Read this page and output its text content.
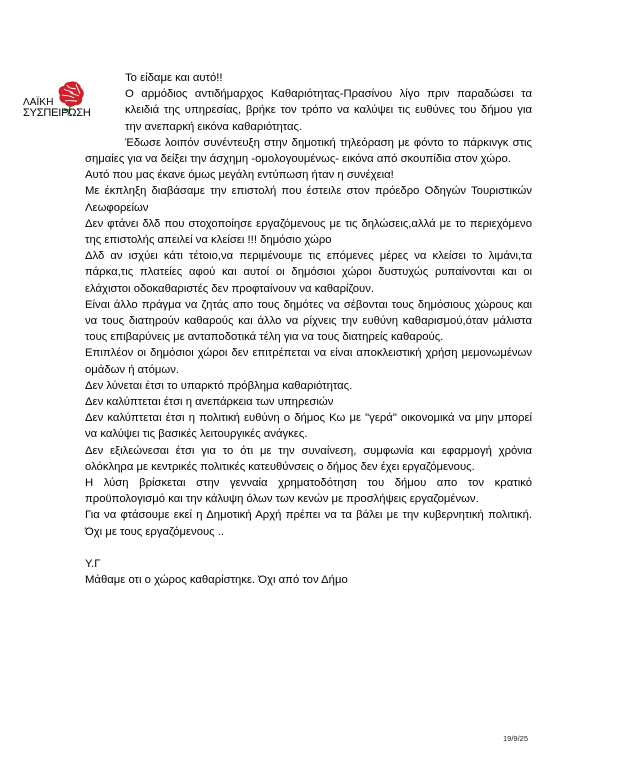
ΛΑΪΚΗ
ΣΥΣΠΕΙΡΩΣΗ

Το είδαμε και αυτό!!

Ο αρμόδιος αντιδήμαρχος Καθαριότητας-Πρασίνου λίγο πριν παραδώσει τα κλειδιά της υπηρεσίας, βρήκε τον τρόπο να καλύψει τις ευθύνες του δήμου για την ανεπαρκή εικόνα καθαριότητας.

Έδωσε λοιπόν συνέντευξη στην δημοτική τηλεόραση με φόντο το πάρκινγκ στις σημαίες για να δείξει την άσχημη -ομολογουμένως- εικόνα από σκουπίδια στον χώρο.

Αυτό που μας έκανε όμως μεγάλη εντύπωση ήταν η συνέχεια!

Με έκπληξη διαβάσαμε την επιστολή που έστειλε στον πρόεδρο Οδηγών Τουριστικών Λεωφορείων

Δεν φτάνει δλδ που στοχοποίησε εργαζόμενους με τις δηλώσεις,αλλά με το περιεχόμενο της επιστολής απειλεί να κλείσει !!! δημόσιο χώρο

Δλδ αν ισχύει κάτι τέτοιο,να περιμένουμε τις επόμενες μέρες να κλείσει το λιμάνι,τα πάρκα,τις πλατείες αφού και αυτοί οι δημόσιοι χώροι δυστυχώς ρυπαίνονται και οι ελάχιστοι οδοκαθαριστές δεν προφταίνουν να καθαρίζουν.

Είναι άλλο πράγμα να ζητάς απο τους δημότες να σέβονται τους δημόσιους χώρους και να τους διατηρούν καθαρούς και άλλο να ρίχνεις την ευθύνη καθαρισμού,όταν μάλιστα τους επιβαρύνεις με ανταποδοτικά τέλη για να τους διατηρείς καθαρούς.

Επιπλέον οι δημόσιοι χώροι δεν επιτρέπεται να είναι αποκλειστική χρήση μεμονωμένων ομάδων ή ατόμων.

Δεν λύνεται έτσι το υπαρκτό πρόβλημα καθαριότητας.

Δεν καλύπτεται έτσι η ανεπάρκεια των υπηρεσιών

Δεν καλύπτεται έτσι η πολιτική ευθύνη ο δήμος Κω με "γερά" οικονομικά να μην μπορεί να καλύψει τις βασικές λειτουργικές ανάγκες.

Δεν εξιλεώνεσαι έτσι για το ότι με την συναίνεση, συμφωνία και εφαρμογή χρόνια ολόκληρα με κεντρικές πολιτικές κατευθύνσεις ο δήμος δεν έχει εργαζόμενους.

Η λύση βρίσκεται στην γενναία χρηματοδότηση του δήμου απο τον κρατικό προϋπολογισμό και την κάλυψη όλων των κενών με προσλήψεις εργαζομένων.

Για να φτάσουμε εκεί η Δημοτική Αρχή πρέπει να τα βάλει με την κυβερνητική πολιτική. Όχι με τους εργαζόμενους ..

Υ.Γ

Μάθαμε οτι ο χώρος καθαρίστηκε. Όχι από τον Δήμο

19/9/25
